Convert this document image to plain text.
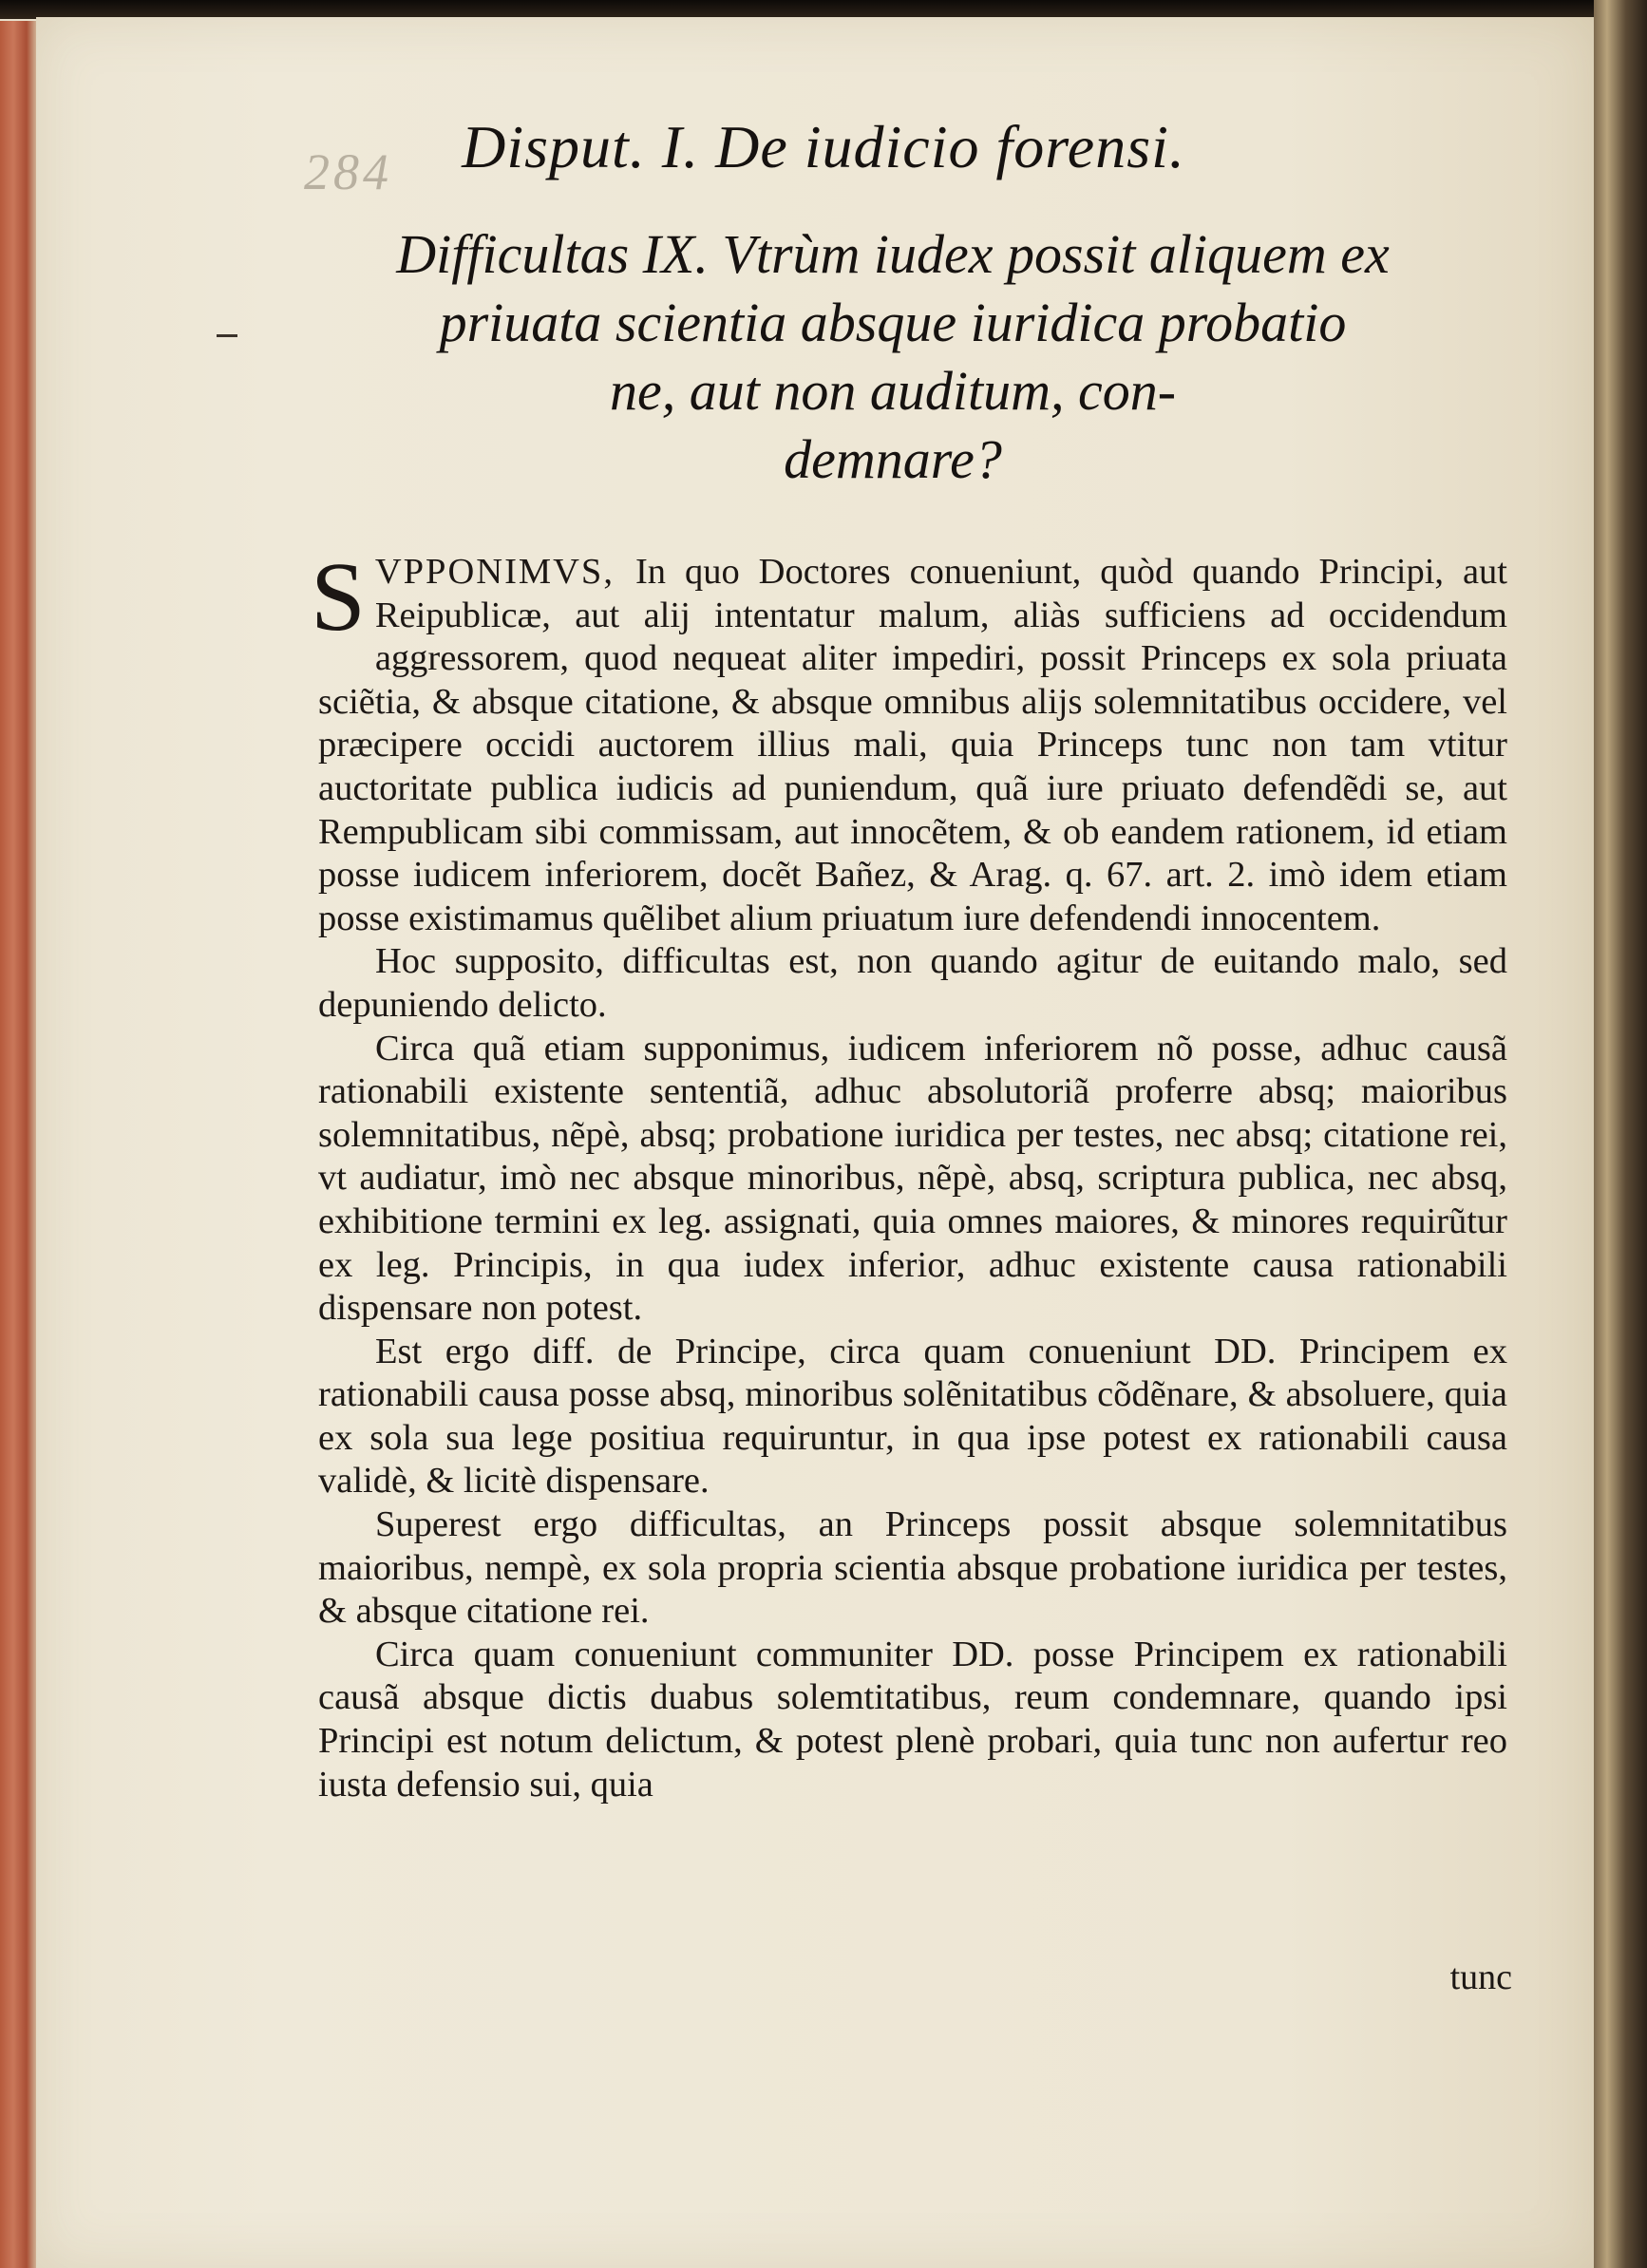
284	Disput. I. De iudicio forensi.
Difficultas IX. Vtrùm iudex possit aliquem ex
priuata scientia absque iuridica probatio
ne, aut non auditum, con-
demnare?

SVPPONIMVS, In quo Doctores conueniunt, quòd quando Principi, aut Reipublicæ, aut alij intentatur malum, aliàs sufficiens ad occidendum aggressorem, quod nequeat aliter impediri, possit Princeps ex sola priuata sciẽtia, & absque citatione, & absque omnibus alijs solemnitatibus occidere, vel præcipere occidi auctorem illius mali, quia Princeps tunc non tam vtitur auctoritate publica iudicis ad puniendum, quã iure priuato defendẽdi se, aut Rempublicam sibi commissam, aut innocẽtem, & ob eandem rationem, id etiam posse iudicem inferiorem, docẽt Bañez, & Arag. q. 67. art. 2. imò idem etiam posse existimamus quẽlibet alium priuatum iure defendendi innocentem.

Hoc supposito, difficultas est, non quando agitur de euitando malo, sed depuniendo delicto.

Circa quã etiam supponimus, iudicem inferiorem nõ posse, adhuc causã rationabili existente sententiã, adhuc absolutoriã proferre absq; maioribus solemnitatibus, nẽpè, absq; probatione iuridica per testes, nec absq; citatione rei, vt audiatur, imò nec absque minoribus, nẽpè, absq, scriptura publica, nec absq, exhibitione termini ex leg. assignati, quia omnes maiores, & minores requirũtur ex leg. Principis, in qua iudex inferior, adhuc existente causa rationabili dispensare non potest.

Est ergo diff. de Principe, circa quam conueniunt DD. Principem ex rationabili causa posse absq, minoribus solẽnitatibus cõdẽnare, & absoluere, quia ex sola sua lege positiua requiruntur, in qua ipse potest ex rationabili causa validè, & licitè dispensare.

Superest ergo difficultas, an Princeps possit absque solemnitatibus maioribus, nempè, ex sola propria scientia absque probatione iuridica per testes, & absque citatione rei.

Circa quam conueniunt communiter DD. posse Principem ex rationabili causã absque dictis duabus solemtitatibus, reum condemnare, quando ipsi Principi est notum delictum, & potest plenè probari, quia tunc non aufertur reo iusta defensio sui, quia

tunc
